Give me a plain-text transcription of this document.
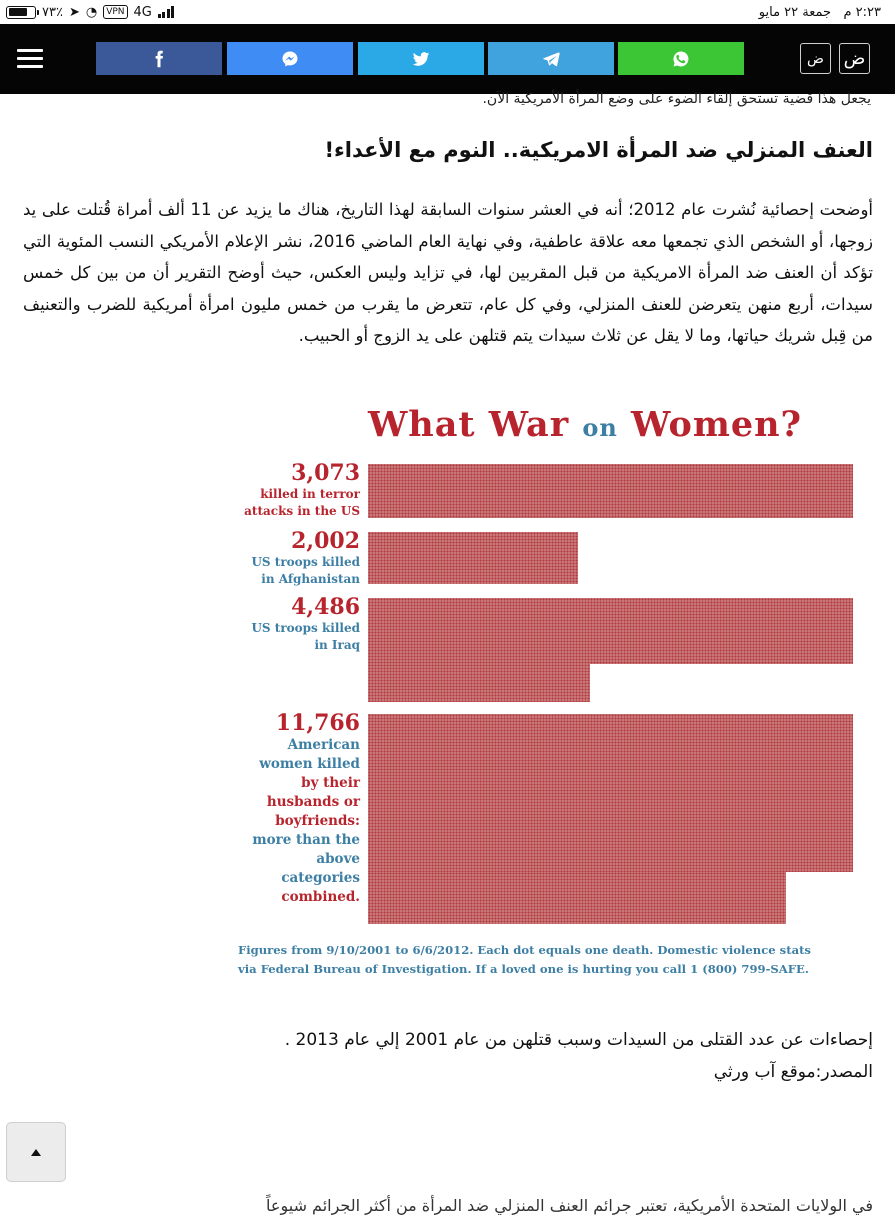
٧٣٪ ➤ ◔	VPN 4G	٢:٢٣ م   جمعة ٢٢ مايو
ض	ض
يجعل هذا قضية تستحق إلقاء الضوء على وضع المرأة الأمريكية الآن.
العنف المنزلي ضد المرأة الامريكية.. النوم مع الأعداء!

أوضحت إحصائية نُشرت عام 2012؛ أنه في العشر سنوات السابقة لهذا التاريخ، هناك ما يزيد عن 11 ألف أمراة قُتلت على يد زوجها، أو الشخص الذي تجمعها معه علاقة عاطفية، وفي نهاية العام الماضي 2016، نشر الإعلام الأمريكي النسب المئوية التي تؤكد أن العنف ضد المرأة الامريكية من قبل المقربين لها، في تزايد وليس العكس، حيث أوضح التقرير أن من بين كل خمس سيدات، أربع منهن يتعرضن للعنف المنزلي، وفي كل عام، تتعرض ما يقرب من خمس مليون امرأة أمريكية للضرب والتعنيف من قِبل شريك حياتها، وما لا يقل عن ثلاث سيدات يتم قتلهن على يد الزوج أو الحبيب.

What War on Women?
Figures from 9/10/2001 to 6/6/2012. Each dot equals one death. Domestic violence stats
via Federal Bureau of Investigation. If a loved one is hurting you call 1 (800) 799-SAFE.
3,073
killed in terror
attacks in the US
2,002
US troops killed
in Afghanistan
4,486
US troops killed
in Iraq
11,766
American
women killed
by their
husbands or
boyfriends:
more than the
above
categories
combined.
إحصاءات عن عدد القتلى من السيدات وسبب قتلهن من عام 2001 إلي عام 2013 .
المصدر:موقع آب ورثي
في الولايات المتحدة الأمريكية، تعتبر جرائم العنف المنزلي ضد المرأة من أكثر الجرائم شيوعاً
